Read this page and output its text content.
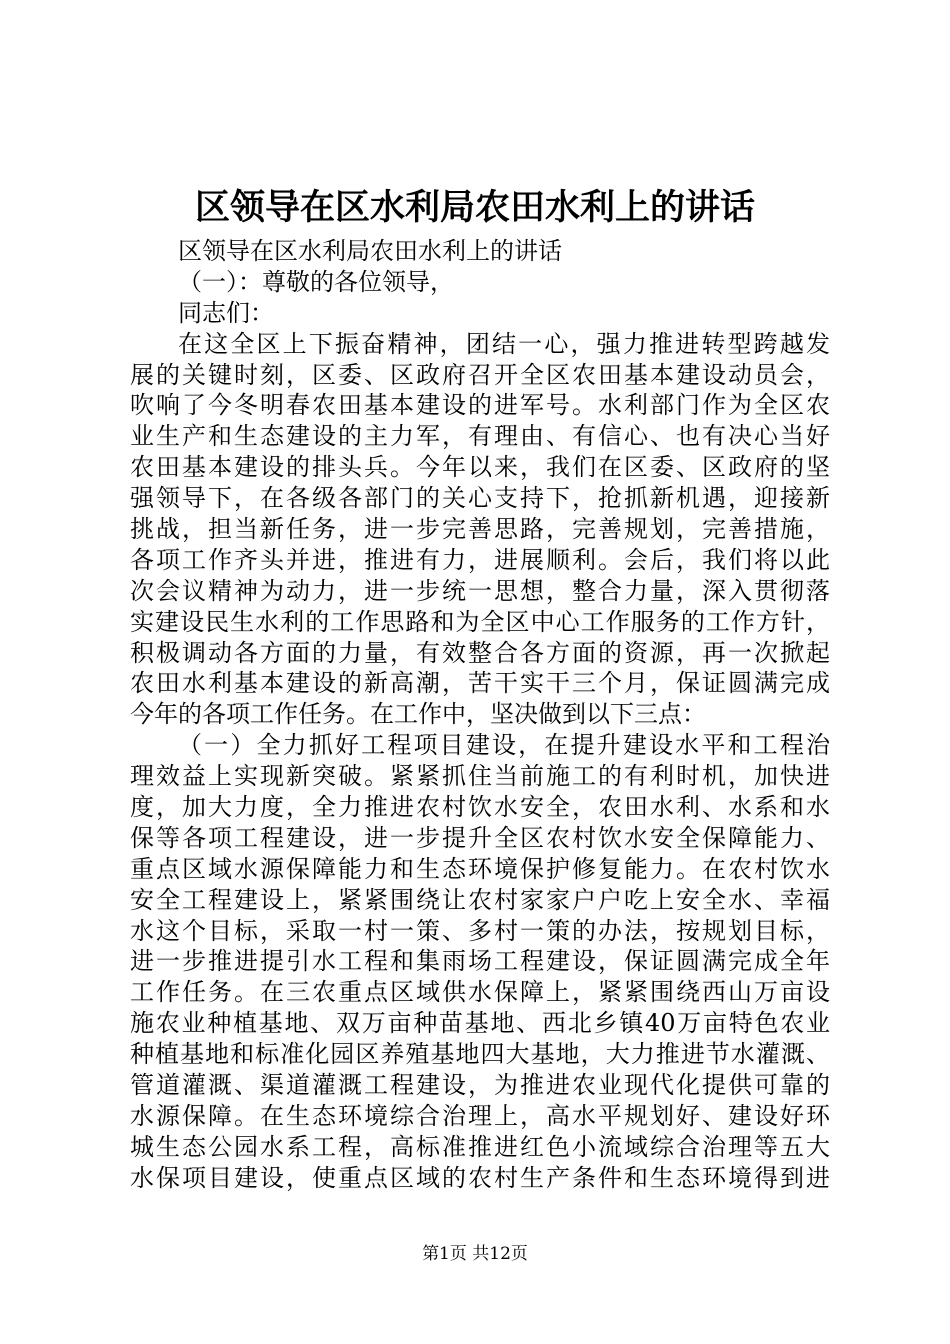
区领导在区水利局农田水利上的讲话
区领导在区水利局农田水利上的讲话
（一）：尊敬的各位领导，
同志们：
在这全区上下振奋精神，团结一心，强力推进转型跨越发
展的关键时刻，区委、区政府召开全区农田基本建设动员会，
吹响了今冬明春农田基本建设的进军号。水利部门作为全区农
业生产和生态建设的主力军，有理由、有信心、也有决心当好
农田基本建设的排头兵。今年以来，我们在区委、区政府的坚
强领导下，在各级各部门的关心支持下，抢抓新机遇，迎接新
挑战，担当新任务，进一步完善思路，完善规划，完善措施，
各项工作齐头并进，推进有力，进展顺利。会后，我们将以此
次会议精神为动力，进一步统一思想，整合力量，深入贯彻落
实建设民生水利的工作思路和为全区中心工作服务的工作方针，
积极调动各方面的力量，有效整合各方面的资源，再一次掀起
农田水利基本建设的新高潮，苦干实干三个月，保证圆满完成
今年的各项工作任务。在工作中，坚决做到以下三点：
（一）全力抓好工程项目建设，在提升建设水平和工程治
理效益上实现新突破。紧紧抓住当前施工的有利时机，加快进
度，加大力度，全力推进农村饮水安全，农田水利、水系和水
保等各项工程建设，进一步提升全区农村饮水安全保障能力、
重点区域水源保障能力和生态环境保护修复能力。在农村饮水
安全工程建设上，紧紧围绕让农村家家户户吃上安全水、幸福
水这个目标，采取一村一策、多村一策的办法，按规划目标，
进一步推进提引水工程和集雨场工程建设，保证圆满完成全年
工作任务。在三农重点区域供水保障上，紧紧围绕西山万亩设
施农业种植基地、双万亩种苗基地、西北乡镇40万亩特色农业
种植基地和标准化园区养殖基地四大基地，大力推进节水灌溉、
管道灌溉、渠道灌溉工程建设，为推进农业现代化提供可靠的
水源保障。在生态环境综合治理上，高水平规划好、建设好环
城生态公园水系工程，高标准推进红色小流域综合治理等五大
水保项目建设，使重点区域的农村生产条件和生态环境得到进
第1页 共12页
